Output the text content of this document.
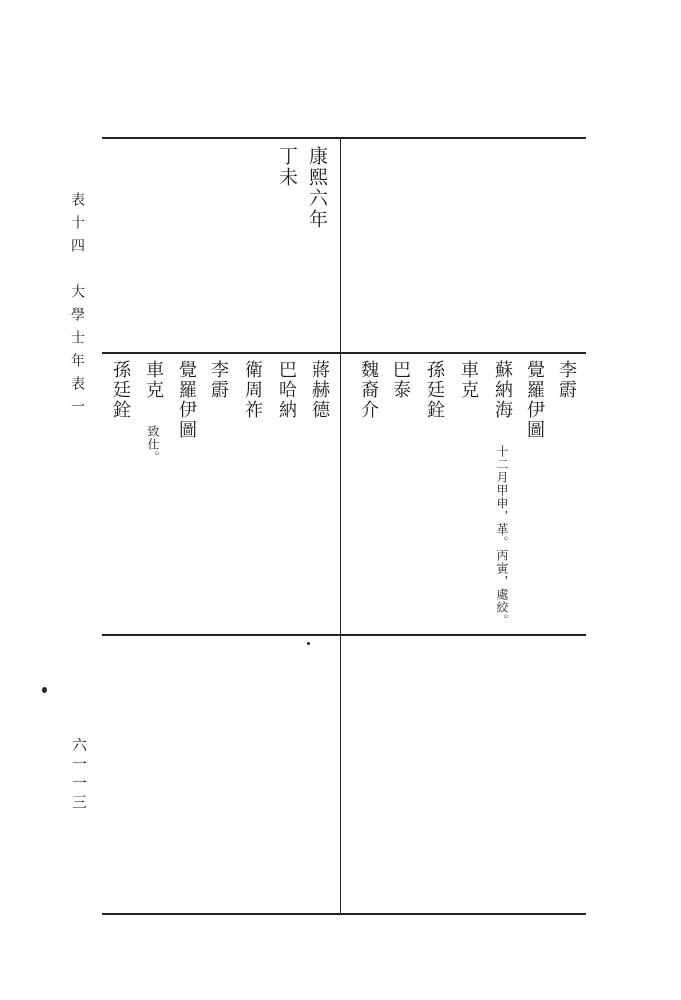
表十四　大學士年表一
六一一三
康熙六年
丁未
李霨
覺羅伊圖
蘇納海 十二月甲申，革。丙寅，處絞。
車克
孫廷銓
巴泰
魏裔介
蔣赫德
巴哈納
衛周祚
李霨
覺羅伊圖
車克 致仕。
孫廷銓
